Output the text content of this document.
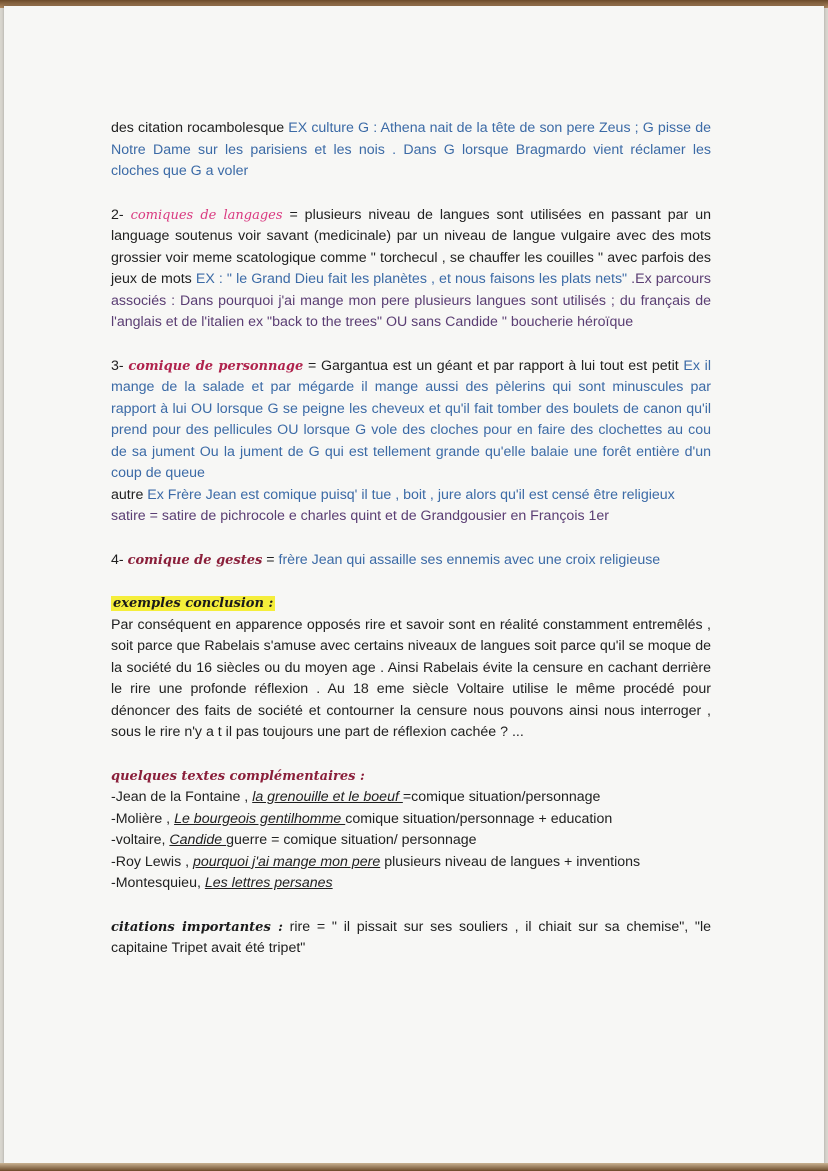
des citation rocambolesque EX culture G : Athena nait de la tête de son pere Zeus ; G pisse de Notre Dame sur les parisiens et les nois . Dans G lorsque Bragmardo vient réclamer les cloches que G a voler

2- comiques de langages = plusieurs niveau de langues sont utilisées en passant par un language soutenus voir savant (medicinale) par un niveau de langue vulgaire avec des mots grossier voir meme scatologique comme " torchecul , se chauffer les couilles " avec parfois des jeux de mots EX : " le Grand Dieu fait les planètes , et nous faisons les plats nets" .Ex parcours associés : Dans pourquoi j'ai mange mon pere plusieurs langues sont utilisés ; du français de l'anglais et de l'italien ex "back to the trees" OU sans Candide " boucherie héroïque

3- comique de personnage = Gargantua est un géant et par rapport à lui tout est petit Ex il mange de la salade et par mégarde il mange aussi des pèlerins qui sont minuscules par rapport à lui OU lorsque G se peigne les cheveux et qu'il fait tomber des boulets de canon qu'il prend pour des pellicules OU lorsque G vole des cloches pour en faire des clochettes au cou de sa jument Ou la jument de G qui est tellement grande qu'elle balaie une forêt entière d'un coup de queue

autre Ex Frère Jean est comique puisq' il tue , boit , jure alors qu'il est censé être religieux

satire = satire de pichrocole e charles quint et de Grandgousier en François 1er

4- comique de gestes = frère Jean qui assaille ses ennemis avec une croix religieuse

exemples conclusion :

Par conséquent en apparence opposés rire et savoir sont en réalité constamment entremêlés , soit parce que Rabelais s'amuse avec certains niveaux de langues soit parce qu'il se moque de la société du 16 siècles ou du moyen age . Ainsi Rabelais évite la censure en cachant derrière le rire une profonde réflexion . Au 18 eme siècle Voltaire utilise le même procédé pour dénoncer des faits de société et contourner la censure nous pouvons ainsi nous interroger , sous le rire n'y a t il pas toujours une part de réflexion cachée ? ...

quelques textes complémentaires :

-Jean de la Fontaine , la grenouille et le boeuf =comique situation/personnage
-Molière , Le bourgeois gentilhomme comique situation/personnage + education
-voltaire, Candide guerre = comique situation/ personnage
-Roy Lewis , pourquoi j'ai mange mon pere plusieurs niveau de langues + inventions
-Montesquieu, Les lettres persanes

citations importantes : rire = " il pissait sur ses souliers , il chiait sur sa chemise", "le capitaine Tripet avait été tripet"
